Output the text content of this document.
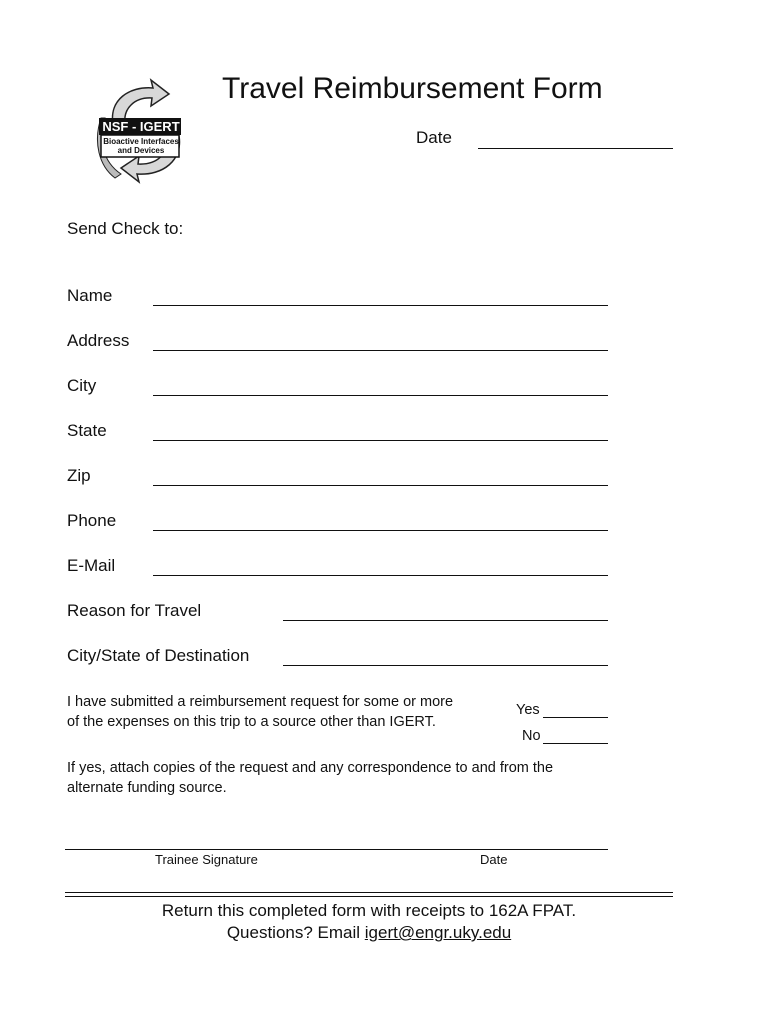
NSF - IGERT
Bioactive Interfaces
and Devices
Travel Reimbursement Form
Date
Send Check to:
Name
Address
City
State
Zip
Phone
E-Mail
Reason for Travel
City/State of Destination
I have submitted a reimbursement request for some or more
of the expenses on this trip to a source other than IGERT.
Yes
No
If yes, attach copies of the request and any correspondence to and from the
alternate funding source.
Trainee Signature	Date
Return this completed form with receipts to 162A FPAT.
Questions? Email igert@engr.uky.edu
